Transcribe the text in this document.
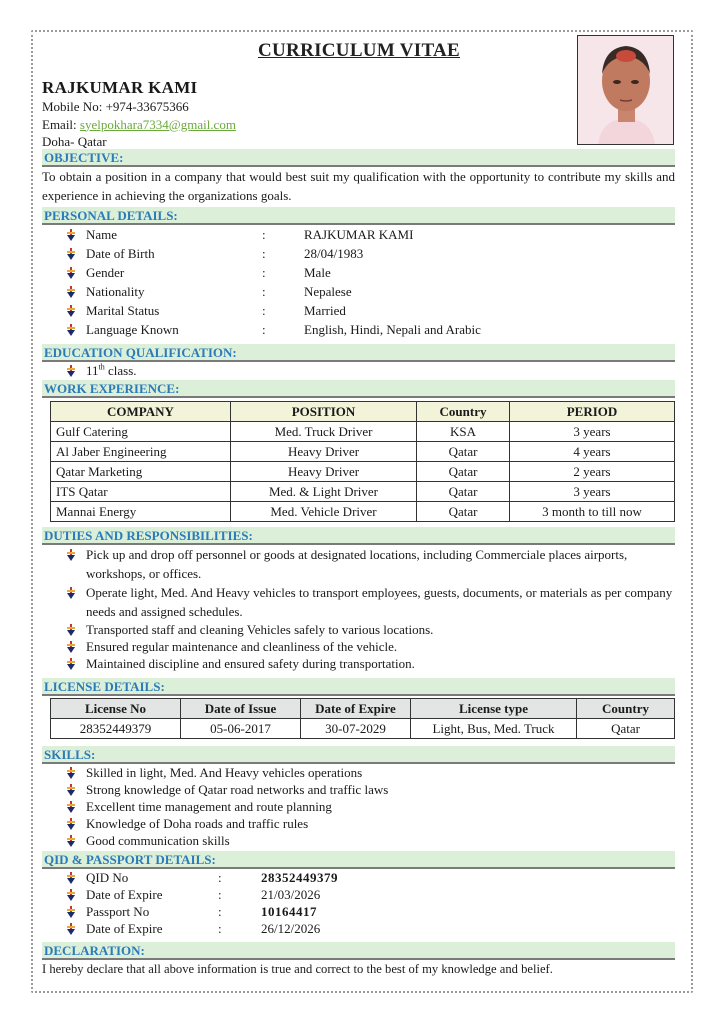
CURRICULUM VITAE
RAJKUMAR KAMI
Mobile No: +974-33675366
Email: syelpokhara7334@gmail.com
Doha- Qatar
OBJECTIVE:
To obtain a position in a company that would best suit my qualification with the opportunity to contribute my skills and experience in achieving the organizations goals.
PERSONAL DETAILS:
Name	:	RAJKUMAR KAMI
Date of Birth	:	28/04/1983
Gender	:	Male
Nationality	:	Nepalese
Marital Status	:	Married
Language Known	:	English, Hindi, Nepali and Arabic
EDUCATION QUALIFICATION:
11th class.
WORK EXPERIENCE:
COMPANY	POSITION	Country	PERIOD
Gulf Catering	Med. Truck Driver	KSA	3 years
Al Jaber Engineering	Heavy Driver	Qatar	4 years
Qatar Marketing	Heavy Driver	Qatar	2 years
ITS Qatar	Med. & Light Driver	Qatar	3 years
Mannai Energy	Med. Vehicle Driver	Qatar	3 month to till now
DUTIES AND RESPONSIBILITIES:
Pick up and drop off personnel or goods at designated locations, including Commerciale places airports, workshops, or offices.
Operate light, Med. And Heavy vehicles to transport employees, guests, documents, or materials as per company needs and assigned schedules.
Transported staff and cleaning Vehicles safely to various locations.
Ensured regular maintenance and cleanliness of the vehicle.
Maintained discipline and ensured safety during transportation.
LICENSE DETAILS:
License No	Date of Issue	Date of Expire	License type	Country
28352449379	05-06-2017	30-07-2029	Light, Bus, Med. Truck	Qatar
SKILLS:
Skilled in light, Med. And Heavy vehicles operations
Strong knowledge of Qatar road networks and traffic laws
Excellent time management and route planning
Knowledge of Doha roads and traffic rules
Good communication skills
QID & PASSPORT DETAILS:
QID No	:	28352449379
Date of Expire	:	21/03/2026
Passport No	:	10164417
Date of Expire	:	26/12/2026
DECLARATION:
I hereby declare that all above information is true and correct to the best of my knowledge and belief.
